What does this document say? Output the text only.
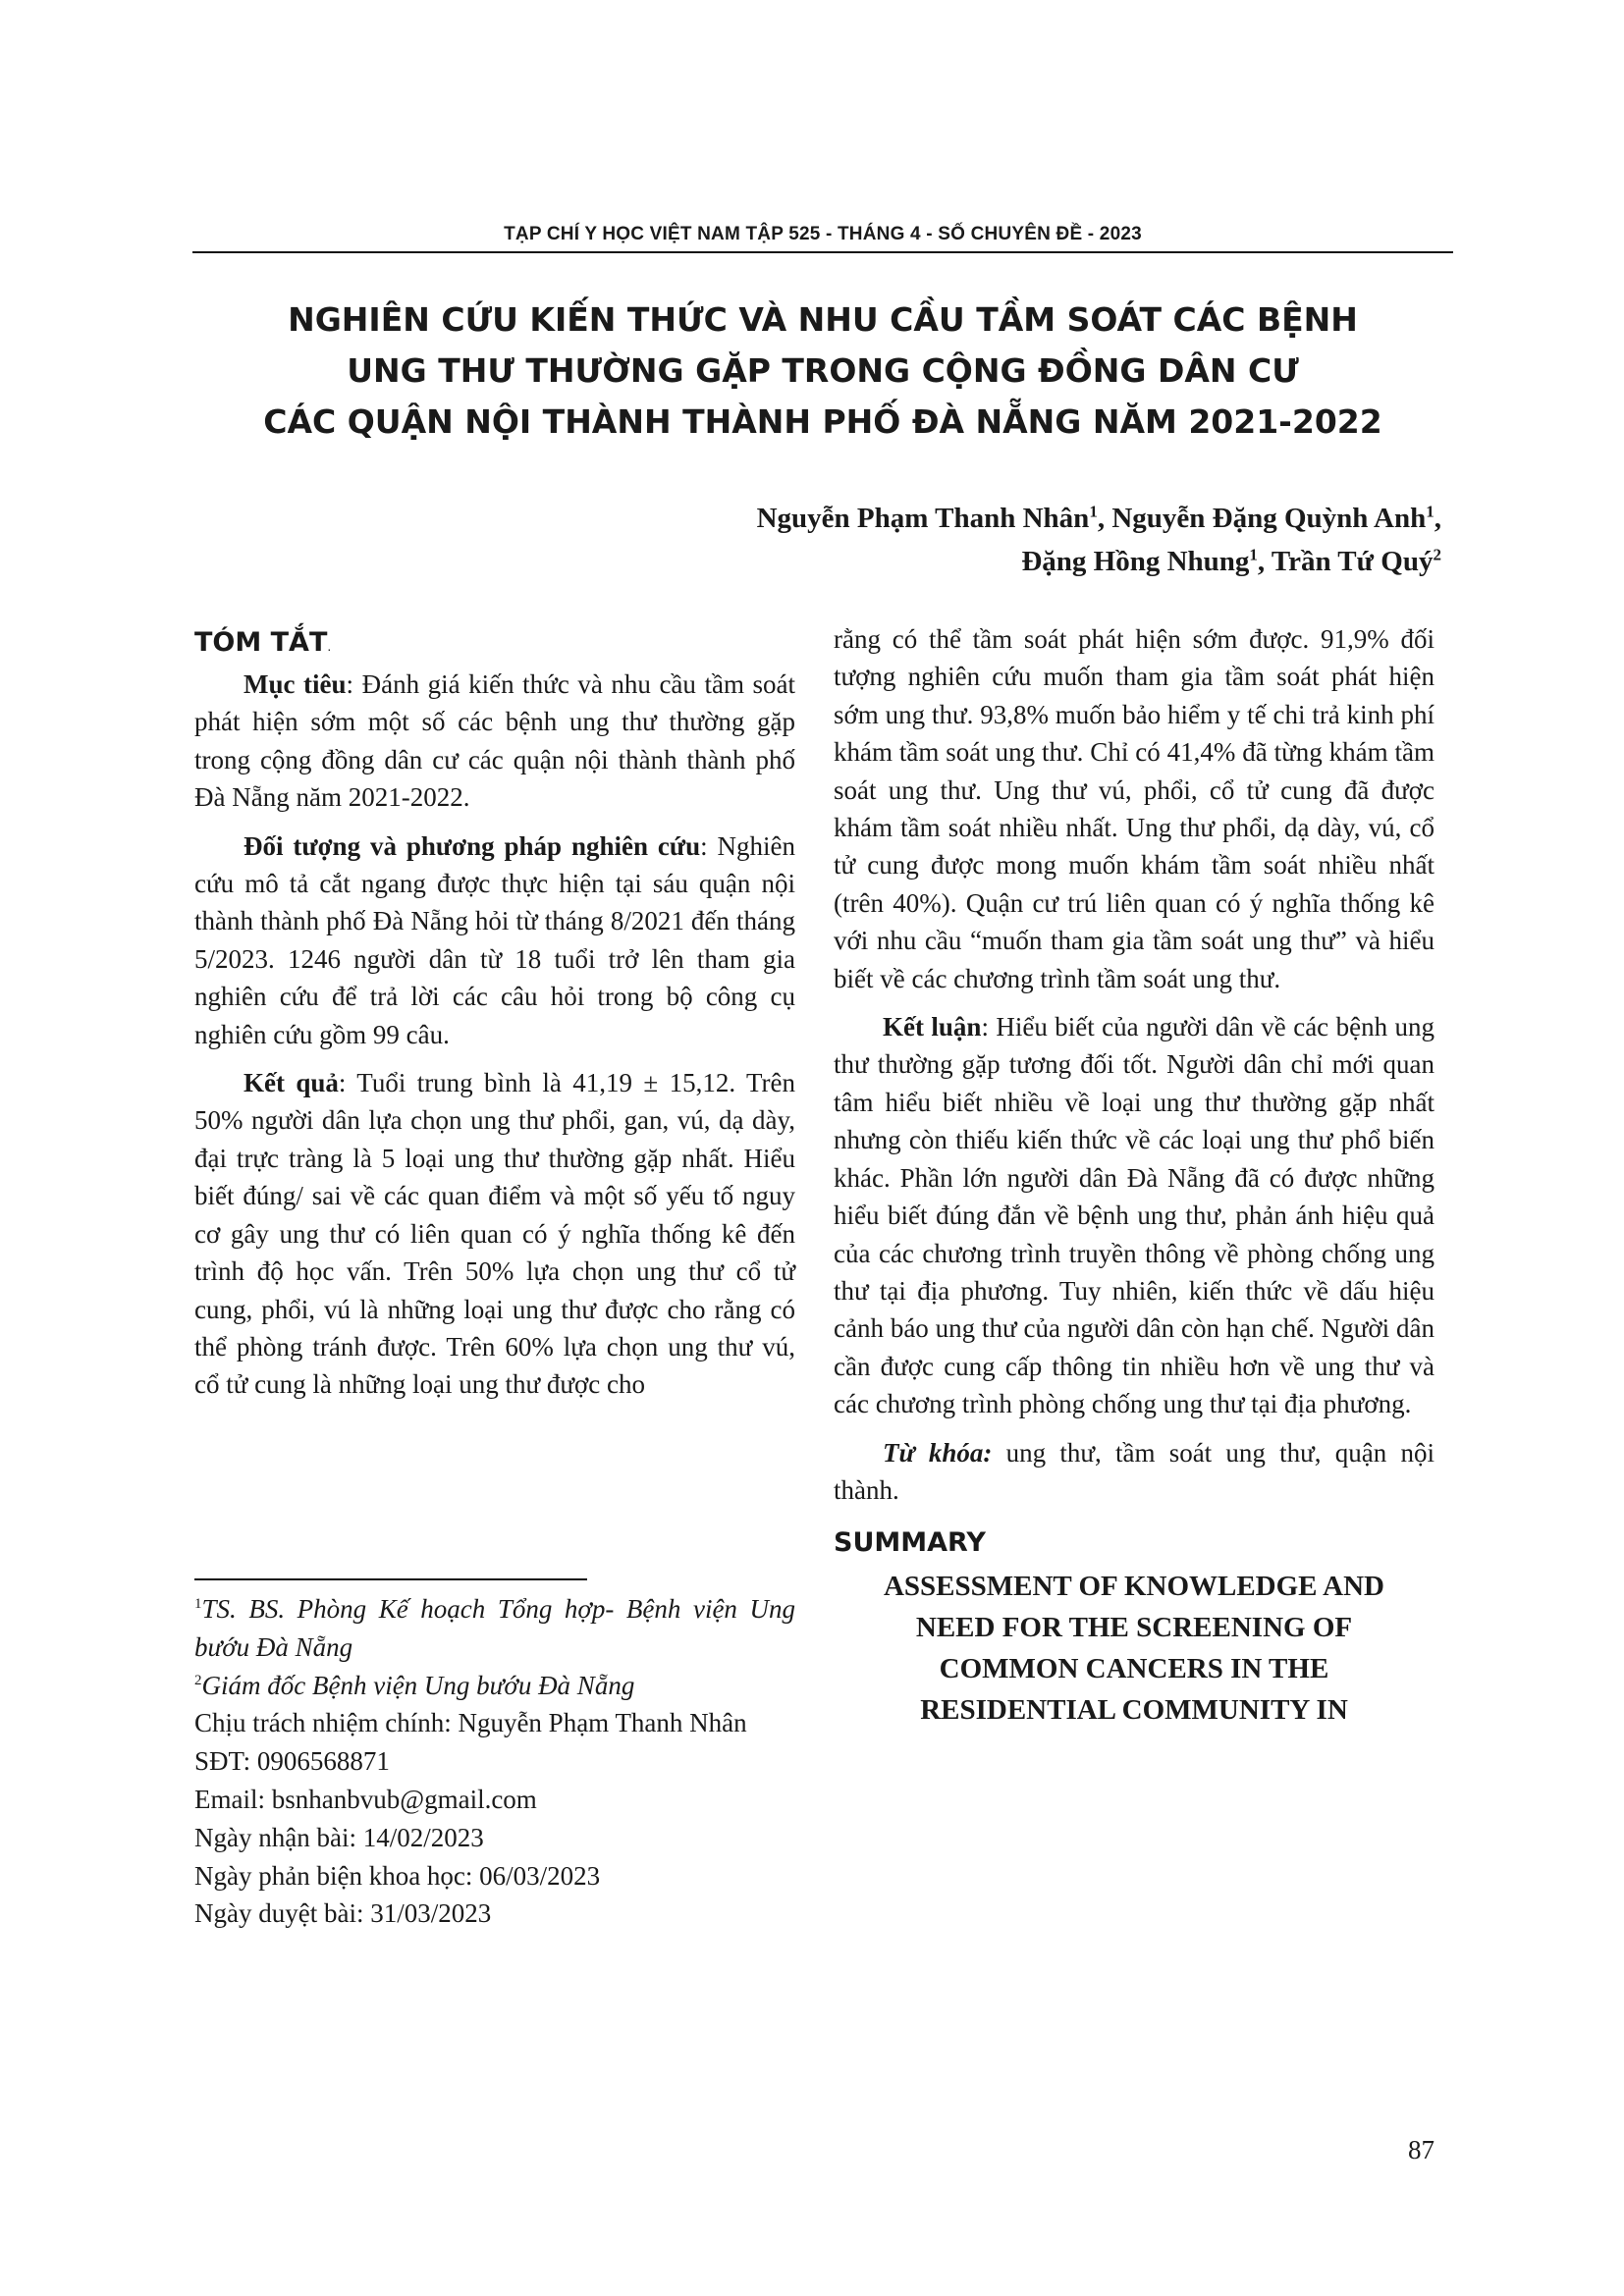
TẠP CHÍ Y HỌC VIỆT NAM TẬP 525 - THÁNG 4 - SỐ CHUYÊN ĐỀ - 2023
NGHIÊN CỨU KIẾN THỨC VÀ NHU CẦU TẦM SOÁT CÁC BỆNH
UNG THƯ THƯỜNG GẶP TRONG CỘNG ĐỒNG DÂN CƯ
CÁC QUẬN NỘI THÀNH THÀNH PHỐ ĐÀ NẴNG NĂM 2021-2022
Nguyễn Phạm Thanh Nhân$^1$, Nguyễn Đặng Quỳnh Anh$^1$,
Đặng Hồng Nhung$^1$, Trần Tứ Quý$^2$
TÓM TẮT.

Mục tiêu: Đánh giá kiến thức và nhu cầu tầm soát phát hiện sớm một số các bệnh ung thư thường gặp trong cộng đồng dân cư các quận nội thành thành phố Đà Nẵng năm 2021-2022.

Đối tượng và phương pháp nghiên cứu: Nghiên cứu mô tả cắt ngang được thực hiện tại sáu quận nội thành thành phố Đà Nẵng hỏi từ tháng 8/2021 đến tháng 5/2023. 1246 người dân từ 18 tuổi trở lên tham gia nghiên cứu để trả lời các câu hỏi trong bộ công cụ nghiên cứu gồm 99 câu.

Kết quả: Tuổi trung bình là 41,19 ± 15,12. Trên 50% người dân lựa chọn ung thư phổi, gan, vú, dạ dày, đại trực tràng là 5 loại ung thư thường gặp nhất. Hiểu biết đúng/ sai về các quan điểm và một số yếu tố nguy cơ gây ung thư có liên quan có ý nghĩa thống kê đến trình độ học vấn. Trên 50% lựa chọn ung thư cổ tử cung, phổi, vú là những loại ung thư được cho rằng có thể phòng tránh được. Trên 60% lựa chọn ung thư vú, cổ tử cung là những loại ung thư được cho

$^1$TS. BS. Phòng Kế hoạch Tổng hợp- Bệnh viện Ung bướu Đà Nẵng

$^2$Giám đốc Bệnh viện Ung bướu Đà Nẵng

Chịu trách nhiệm chính: Nguyễn Phạm Thanh Nhân

SĐT: 0906568871

Email: bsnhanbvub@gmail.com

Ngày nhận bài: 14/02/2023

Ngày phản biện khoa học: 06/03/2023

Ngày duyệt bài: 31/03/2023

rằng có thể tầm soát phát hiện sớm được. 91,9% đối tượng nghiên cứu muốn tham gia tầm soát phát hiện sớm ung thư. 93,8% muốn bảo hiểm y tế chi trả kinh phí khám tầm soát ung thư. Chỉ có 41,4% đã từng khám tầm soát ung thư. Ung thư vú, phổi, cổ tử cung đã được khám tầm soát nhiều nhất. Ung thư phổi, dạ dày, vú, cổ tử cung được mong muốn khám tầm soát nhiều nhất (trên 40%). Quận cư trú liên quan có ý nghĩa thống kê với nhu cầu “muốn tham gia tầm soát ung thư” và hiểu biết về các chương trình tầm soát ung thư.

Kết luận: Hiểu biết của người dân về các bệnh ung thư thường gặp tương đối tốt. Người dân chỉ mới quan tâm hiểu biết nhiều về loại ung thư thường gặp nhất nhưng còn thiếu kiến thức về các loại ung thư phổ biến khác. Phần lớn người dân Đà Nẵng đã có được những hiểu biết đúng đắn về bệnh ung thư, phản ánh hiệu quả của các chương trình truyền thông về phòng chống ung thư tại địa phương. Tuy nhiên, kiến thức về dấu hiệu cảnh báo ung thư của người dân còn hạn chế. Người dân cần được cung cấp thông tin nhiều hơn về ung thư và các chương trình phòng chống ung thư tại địa phương.

Từ khóa: ung thư, tầm soát ung thư, quận nội thành.

SUMMARY

ASSESSMENT OF KNOWLEDGE AND
NEED FOR THE SCREENING OF
COMMON CANCERS IN THE
RESIDENTIAL COMMUNITY IN

87
